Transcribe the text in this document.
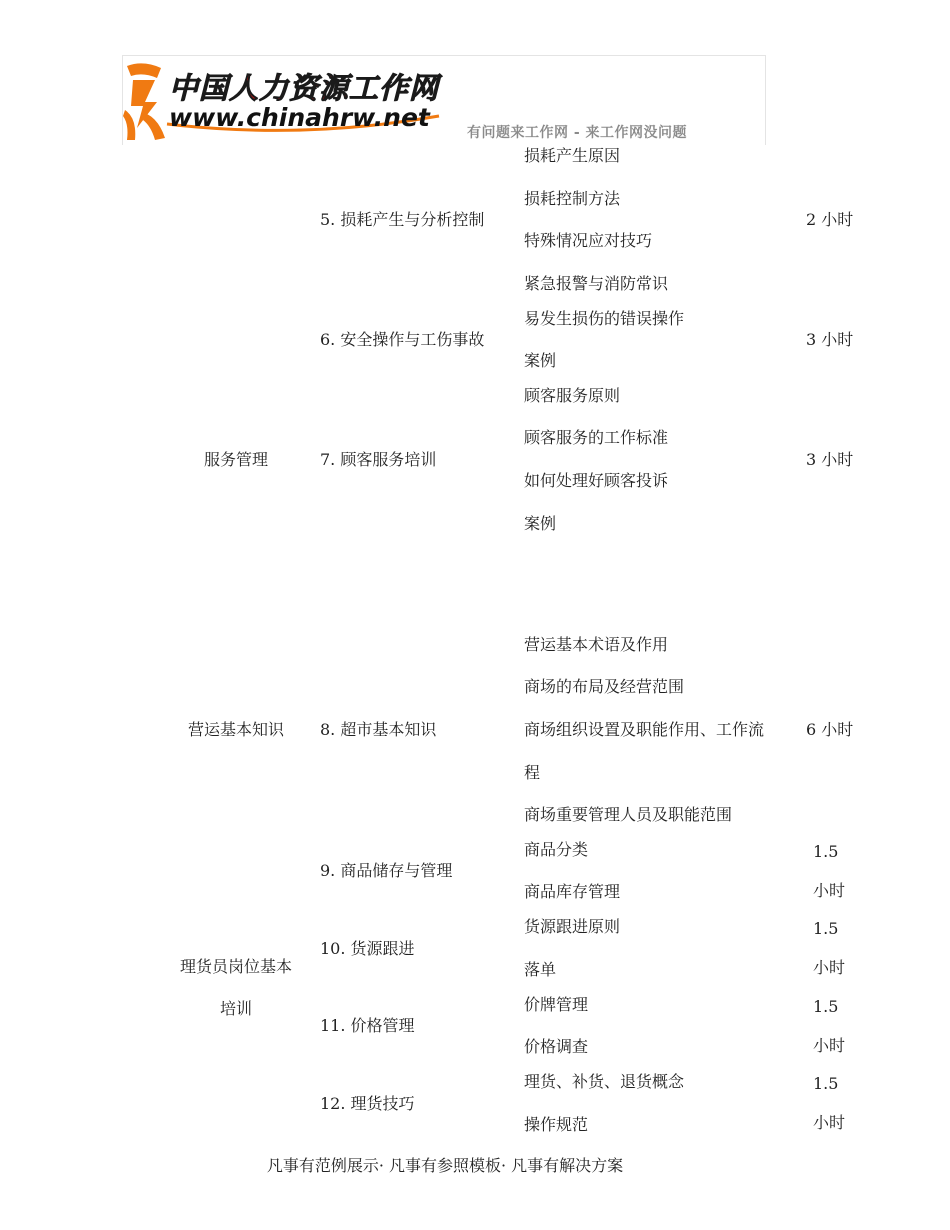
中国人力资源工作网
www.chinahrw.net
有问题来工作网 - 来工作网没问题
5. 损耗产生与分析控制
损耗产生原因
损耗控制方法
特殊情况应对技巧
紧急报警与消防常识
2 小时
6. 安全操作与工伤事故
易发生损伤的错误操作
案例
3 小时
服务管理	7. 顾客服务培训
顾客服务原则
顾客服务的工作标准
如何处理好顾客投诉
案例
3 小时
营运基本知识	8. 超市基本知识
营运基本术语及作用
商场的布局及经营范围
商场组织设置及职能作用、工作流
程
商场重要管理人员及职能范围
6 小时
9. 商品储存与管理
商品分类
商品库存管理
1.5
小时
理货员岗位基本
培训
10. 货源跟进
货源跟进原则
落单
1.5
小时
11. 价格管理
价牌管理
价格调查
1.5
小时
12. 理货技巧
理货、补货、退货概念
操作规范
1.5
小时
凡事有范例展示· 凡事有参照模板· 凡事有解决方案
